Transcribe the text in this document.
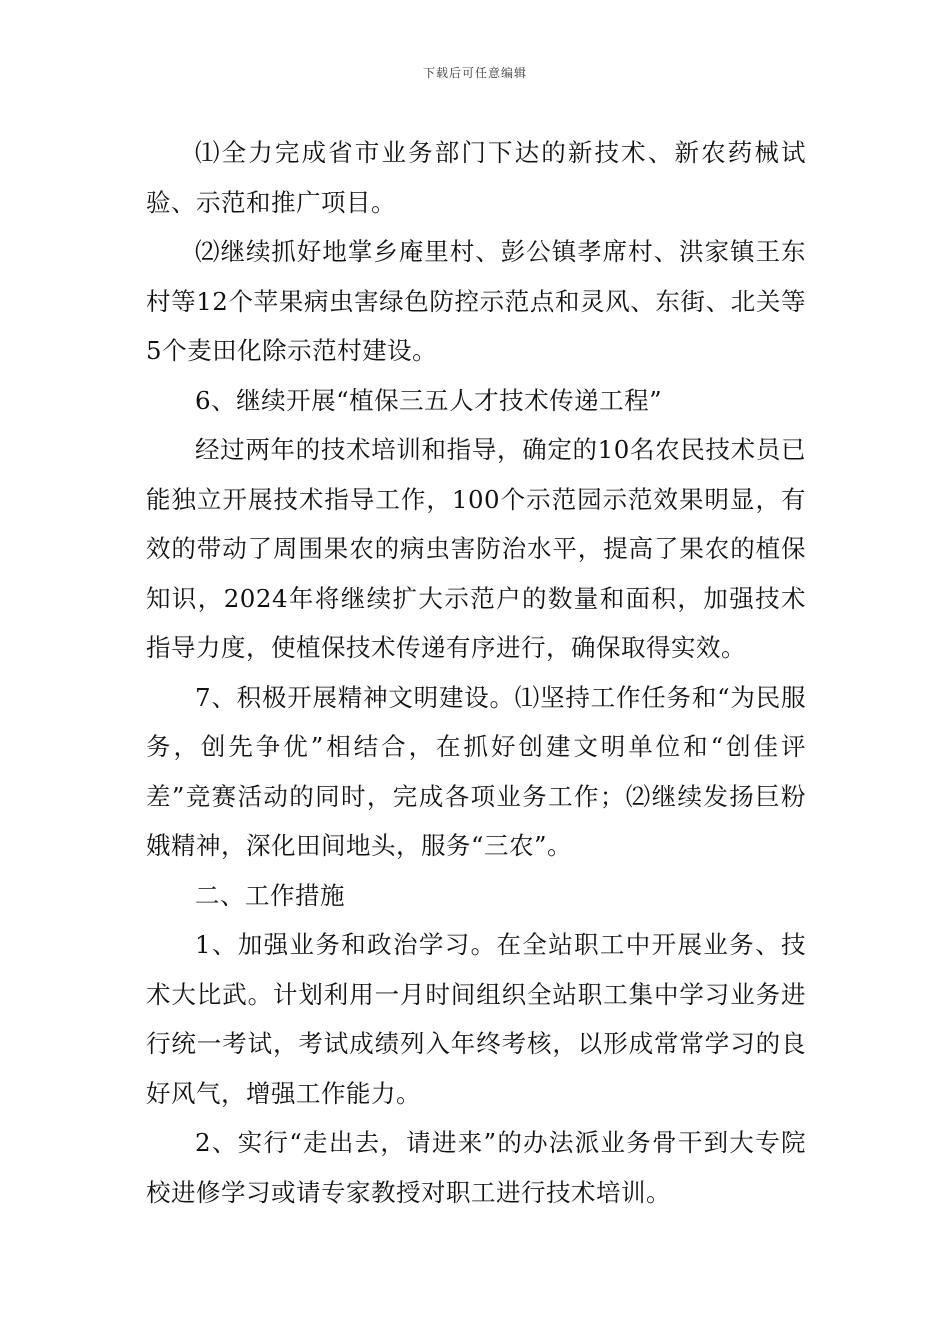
下载后可任意编辑

⑴全力完成省市业务部门下达的新技术、新农药械试验、示范和推广项目。

⑵继续抓好地掌乡庵里村、彭公镇孝席村、洪家镇王东村等12个苹果病虫害绿色防控示范点和灵风、东街、北关等5个麦田化除示范村建设。

6、继续开展“植保三五人才技术传递工程”

经过两年的技术培训和指导，确定的10名农民技术员已能独立开展技术指导工作，100个示范园示范效果明显，有效的带动了周围果农的病虫害防治水平，提高了果农的植保知识，2024年将继续扩大示范户的数量和面积，加强技术指导力度，使植保技术传递有序进行，确保取得实效。

7、积极开展精神文明建设。⑴坚持工作任务和“为民服务，创先争优”相结合，在抓好创建文明单位和“创佳评差”竞赛活动的同时，完成各项业务工作；⑵继续发扬巨粉娥精神，深化田间地头，服务“三农”。

二、工作措施

1、加强业务和政治学习。在全站职工中开展业务、技术大比武。计划利用一月时间组织全站职工集中学习业务进行统一考试，考试成绩列入年终考核，以形成常常学习的良好风气，增强工作能力。

2、实行“走出去，请进来”的办法派业务骨干到大专院校进修学习或请专家教授对职工进行技术培训。
